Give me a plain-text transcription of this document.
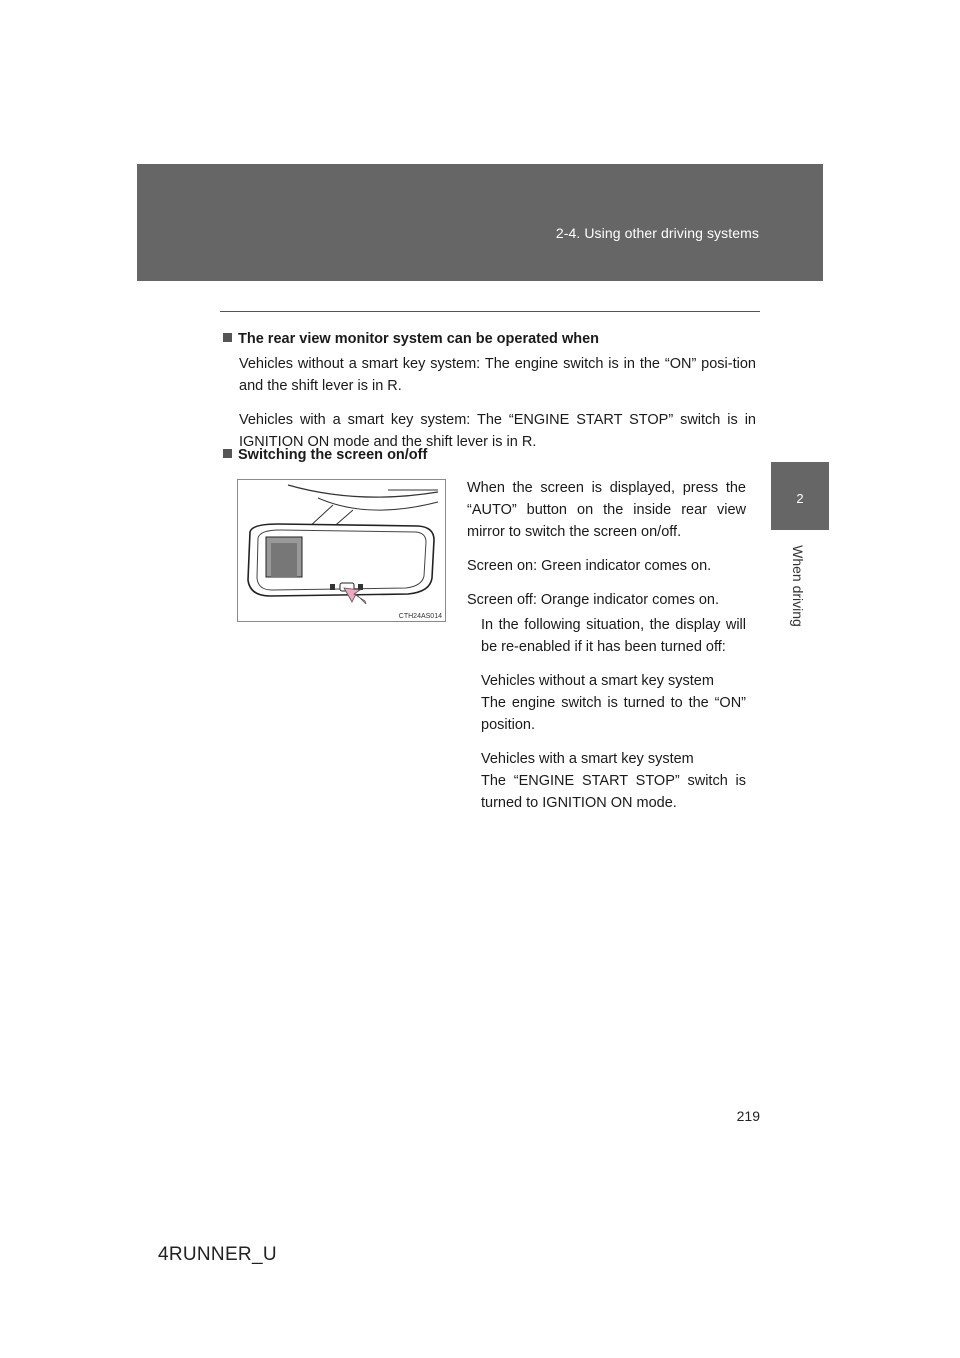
2-4. Using other driving systems
2
When driving

The rear view monitor system can be operated when

Vehicles without a smart key system: The engine switch is in the “ON” posi-tion and the shift lever is in R.

Vehicles with a smart key system: The “ENGINE START STOP” switch is in IGNITION ON mode and the shift lever is in R.

Switching the screen on/off

CTH24AS014

When the screen is displayed, press the “AUTO” button on the inside rear view mirror to switch the screen on/off.

Screen on: Green indicator comes on.

Screen off: Orange indicator comes on.

In the following situation, the display will be re-enabled if it has been turned off:

Vehicles without a smart key system

The engine switch is turned to the “ON” position.

Vehicles with a smart key system

The “ENGINE START STOP” switch is turned to IGNITION ON mode.

219
4RUNNER_U
